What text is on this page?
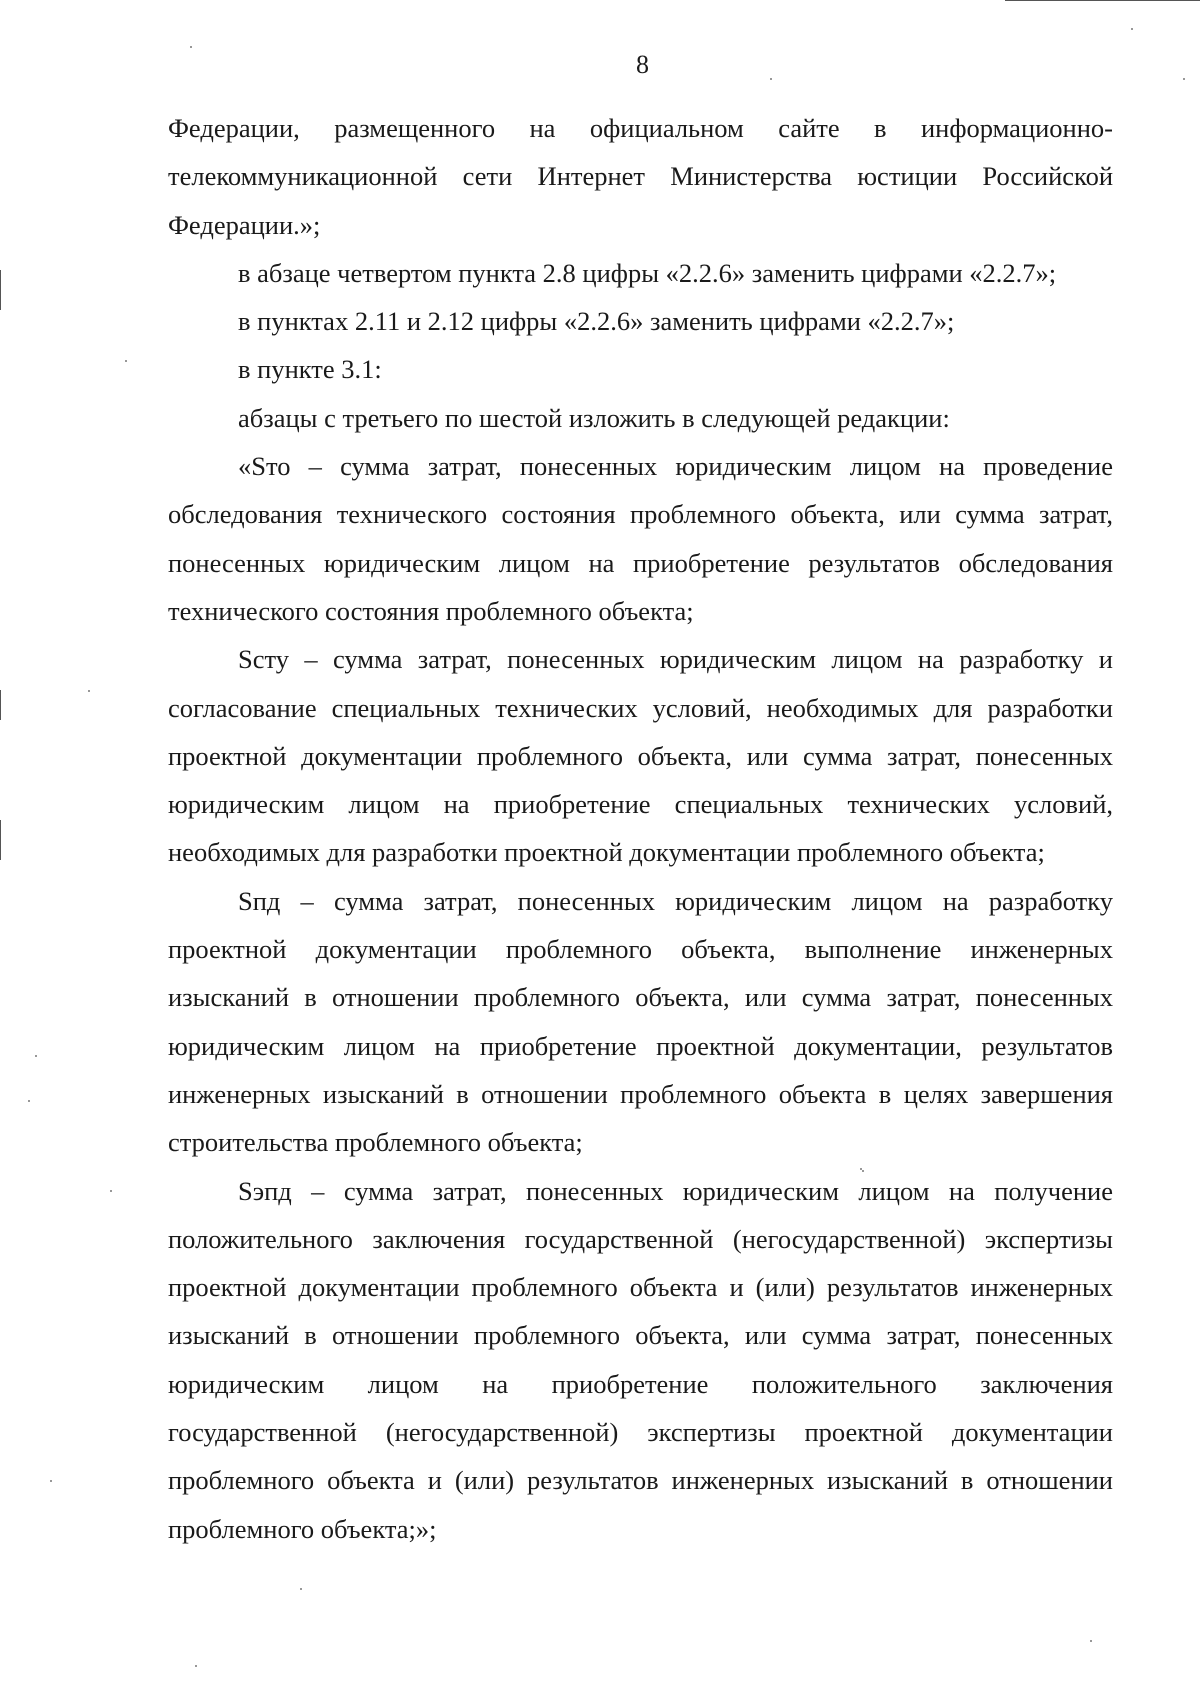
8

Федерации, размещенного на официальном сайте в информационно-телекоммуникационной сети Интернет Министерства юстиции Российской Федерации.»;

в абзаце четвертом пункта 2.8 цифры «2.2.6» заменить цифрами «2.2.7»;

в пунктах 2.11 и 2.12 цифры «2.2.6» заменить цифрами «2.2.7»;

в пункте 3.1:

абзацы с третьего по шестой изложить в следующей редакции:

«Sто – сумма затрат, понесенных юридическим лицом на проведение обследования технического состояния проблемного объекта, или сумма затрат, понесенных юридическим лицом на приобретение результатов обследования технического состояния проблемного объекта;

Sсту – сумма затрат, понесенных юридическим лицом на разработку и согласование специальных технических условий, необходимых для разработки проектной документации проблемного объекта, или сумма затрат, понесенных юридическим лицом на приобретение специальных технических условий, необходимых для разработки проектной документации проблемного объекта;

Sпд – сумма затрат, понесенных юридическим лицом на разработку проектной документации проблемного объекта, выполнение инженерных изысканий в отношении проблемного объекта, или сумма затрат, понесенных юридическим лицом на приобретение проектной документации, результатов инженерных изысканий в отношении проблемного объекта в целях завершения строительства проблемного объекта;

Sэпд – сумма затрат, понесенных юридическим лицом на получение положительного заключения государственной (негосударственной) экспертизы проектной документации проблемного объекта и (или) результатов инженерных изысканий в отношении проблемного объекта, или сумма затрат, понесенных юридическим лицом на приобретение положительного заключения государственной (негосударственной) экспертизы проектной документации проблемного объекта и (или) результатов инженерных изысканий в отношении проблемного объекта;»;
